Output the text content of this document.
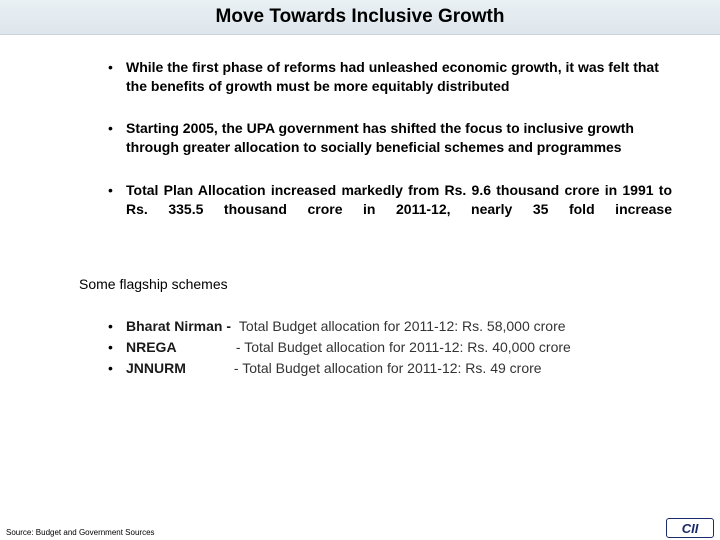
Move Towards Inclusive Growth
• While the first phase of reforms had unleashed economic growth, it was felt that the benefits of growth must be more equitably distributed
• Starting 2005, the UPA government has shifted the focus to inclusive growth through greater allocation to socially beneficial schemes and programmes
• Total Plan Allocation increased markedly from Rs. 9.6 thousand crore in 1991 to Rs. 335.5 thousand crore in 2011-12, nearly 35 fold increase
Some flagship schemes
• Bharat Nirman - Total Budget allocation for 2011-12: Rs. 58,000 crore
• NREGA	- Total Budget allocation for 2011-12: Rs. 40,000 crore
• JNNURM	- Total Budget allocation for 2011-12: Rs. 49 crore
Source: Budget and Government Sources	CII
